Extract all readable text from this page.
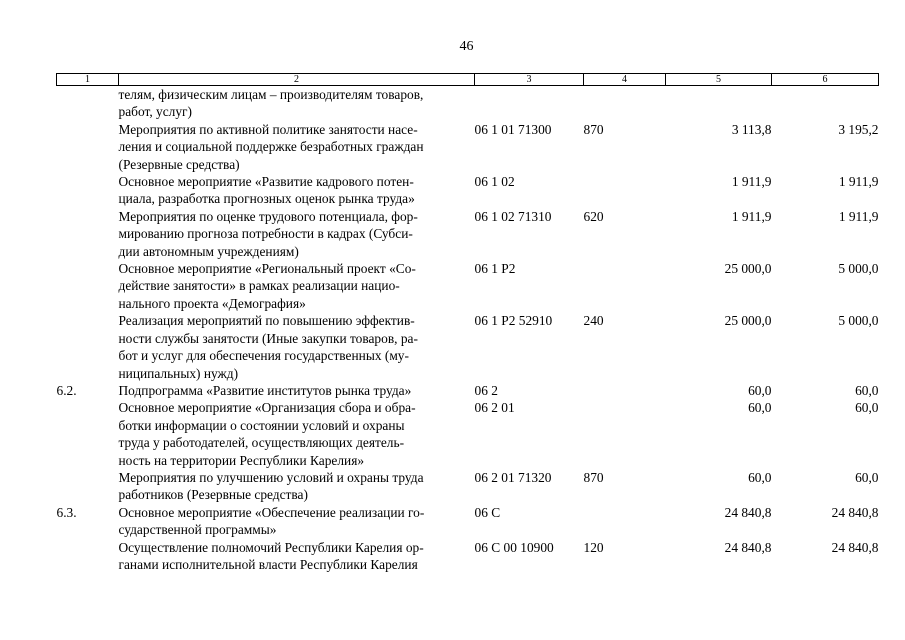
46
1	2	3	4	5	6

	телям, физическим лицам – производителям товаров,
работ, услуг)				

	Мероприятия по активной политике занятости насе-
ления и социальной поддержке безработных граждан
(Резервные средства)	06 1 01 71300	870	3 113,8	3 195,2

	Основное мероприятие «Развитие кадрового потен-
циала, разработка прогнозных оценок рынка труда»	06 1 02		1 911,9	1 911,9

	Мероприятия по оценке трудового потенциала, фор-
мированию прогноза потребности в кадрах (Субси-
дии автономным учреждениям)	06 1 02 71310	620	1 911,9	1 911,9

	Основное мероприятие «Региональный проект «Со-
действие занятости» в рамках реализации нацио-
нального проекта «Демография»	06 1 P2		25 000,0	5 000,0

	Реализация мероприятий по повышению эффектив-
ности службы занятости (Иные закупки товаров, ра-
бот и услуг для обеспечения государственных (му-
ниципальных) нужд)	06 1 P2 52910	240	25 000,0	5 000,0
6.2.	Подпрограмма «Развитие институтов рынка труда»	06 2		60,0	60,0

	Основное мероприятие «Организация сбора и обра-
ботки информации о состоянии условий и охраны
труда у работодателей, осуществляющих деятель-
ность на территории Республики Карелия»	06 2 01		60,0	60,0

	Мероприятия по улучшению условий и охраны труда
работников (Резервные средства)	06 2 01 71320	870	60,0	60,0
6.3.	Основное мероприятие «Обеспечение реализации го-
сударственной программы»	06 С		24 840,8	24 840,8

	Осуществление полномочий Республики Карелия ор-
ганами исполнительной власти Республики Карелия	06 С 00 10900	120	24 840,8	24 840,8
